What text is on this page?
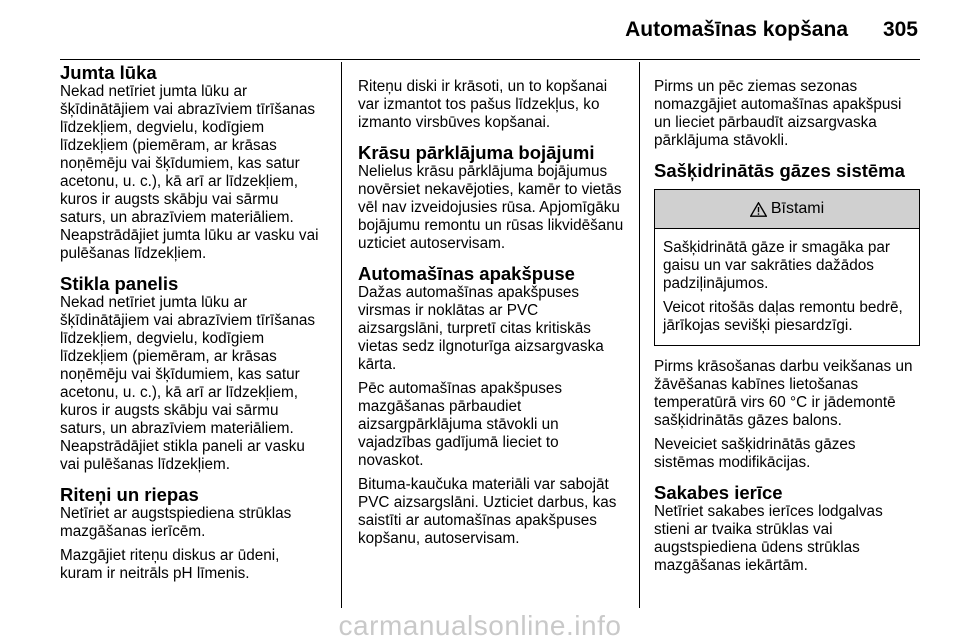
Automašīnas kopšana 305
Jumta lūka

Nekad netīriet jumta lūku ar šķīdinātājiem vai abrazīviem tīrīšanas līdzekļiem, degvielu, kodīgiem līdzekļiem (piemēram, ar krāsas noņēmēju vai šķīdumiem, kas satur acetonu, u. c.), kā arī ar līdzekļiem, kuros ir augsts skābju vai sārmu saturs, un abrazīviem materiāliem. Neapstrādājiet jumta lūku ar vasku vai pulēšanas līdzekļiem.

Stikla panelis

Nekad netīriet jumta lūku ar šķīdinātājiem vai abrazīviem tīrīšanas līdzekļiem, degvielu, kodīgiem līdzekļiem (piemēram, ar krāsas noņēmēju vai šķīdumiem, kas satur acetonu, u. c.), kā arī ar līdzekļiem, kuros ir augsts skābju vai sārmu saturs, un abrazīviem materiāliem. Neapstrādājiet stikla paneli ar vasku vai pulēšanas līdzekļiem.

Riteņi un riepas

Netīriet ar augstspiediena strūklas mazgāšanas ierīcēm.

Mazgājiet riteņu diskus ar ūdeni, kuram ir neitrāls pH līmenis.

Riteņu diski ir krāsoti, un to kopšanai var izmantot tos pašus līdzekļus, ko izmanto virsbūves kopšanai.

Krāsu pārklājuma bojājumi

Nelielus krāsu pārklājuma bojājumus novērsiet nekavējoties, kamēr to vietās vēl nav izveidojusies rūsa. Apjomīgāku bojājumu remontu un rūsas likvidēšanu uzticiet autoservisam.

Automašīnas apakšpuse

Dažas automašīnas apakšpuses virsmas ir noklātas ar PVC aizsargslāni, turpretī citas kritiskās vietas sedz ilgnoturīga aizsargvaska kārta.

Pēc automašīnas apakšpuses mazgāšanas pārbaudiet aizsargpārklājuma stāvokli un vajadzības gadījumā lieciet to novaskot.

Bituma-kaučuka materiāli var sabojāt PVC aizsargslāni. Uzticiet darbus, kas saistīti ar automašīnas apakšpuses kopšanu, autoservisam.

Pirms un pēc ziemas sezonas nomazgājiet automašīnas apakšpusi un lieciet pārbaudīt aizsargvaska pārklājuma stāvokli.

Sašķidrinātās gāzes sistēma
Bīstami

Sašķidrinātā gāze ir smagāka par gaisu un var sakrāties dažādos padziļinājumos.

Veicot ritošās daļas remontu bedrē, jārīkojas sevišķi piesardzīgi.

Pirms krāsošanas darbu veikšanas un žāvēšanas kabīnes lietošanas temperatūrā virs 60 °C ir jādemontē sašķidrinātās gāzes balons.

Neveiciet sašķidrinātās gāzes sistēmas modifikācijas.

Sakabes ierīce

Netīriet sakabes ierīces lodgalvas stieni ar tvaika strūklas vai augstspiediena ūdens strūklas mazgāšanas iekārtām.

carmanualsonline.info
